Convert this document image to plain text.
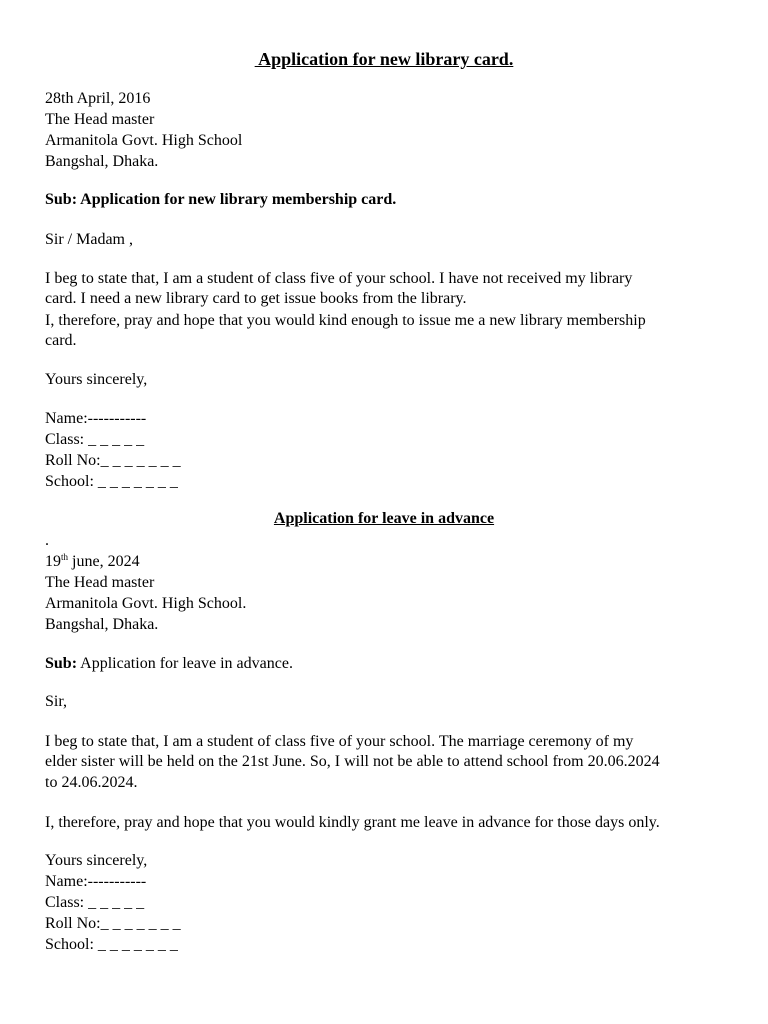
Application for new library card.
28th April, 2016
The Head master
Armanitola Govt. High School
Bangshal, Dhaka.
Sub: Application for new library membership card.
Sir / Madam ,
I beg to state that, I am a student of class five of your school. I have not received my library
card. I need a new library card to get issue books from the library.
I, therefore, pray and hope that you would kind enough to issue me a new library membership
card.
Yours sincerely,
Name:-----------
Class: _ _ _ _ _
Roll No:_ _ _ _ _ _ _
School: _ _ _ _ _ _ _
Application for leave in advance
.
19th june, 2024
The Head master
Armanitola Govt. High School.
Bangshal, Dhaka.
Sub: Application for leave in advance.
Sir,
I beg to state that, I am a student of class five of your school. The marriage ceremony of my
elder sister will be held on the 21st June. So, I will not be able to attend school from 20.06.2024
to 24.06.2024.
I, therefore, pray and hope that you would kindly grant me leave in advance for those days only.
Yours sincerely,
Name:-----------
Class: _ _ _ _ _
Roll No:_ _ _ _ _ _ _
School: _ _ _ _ _ _ _
